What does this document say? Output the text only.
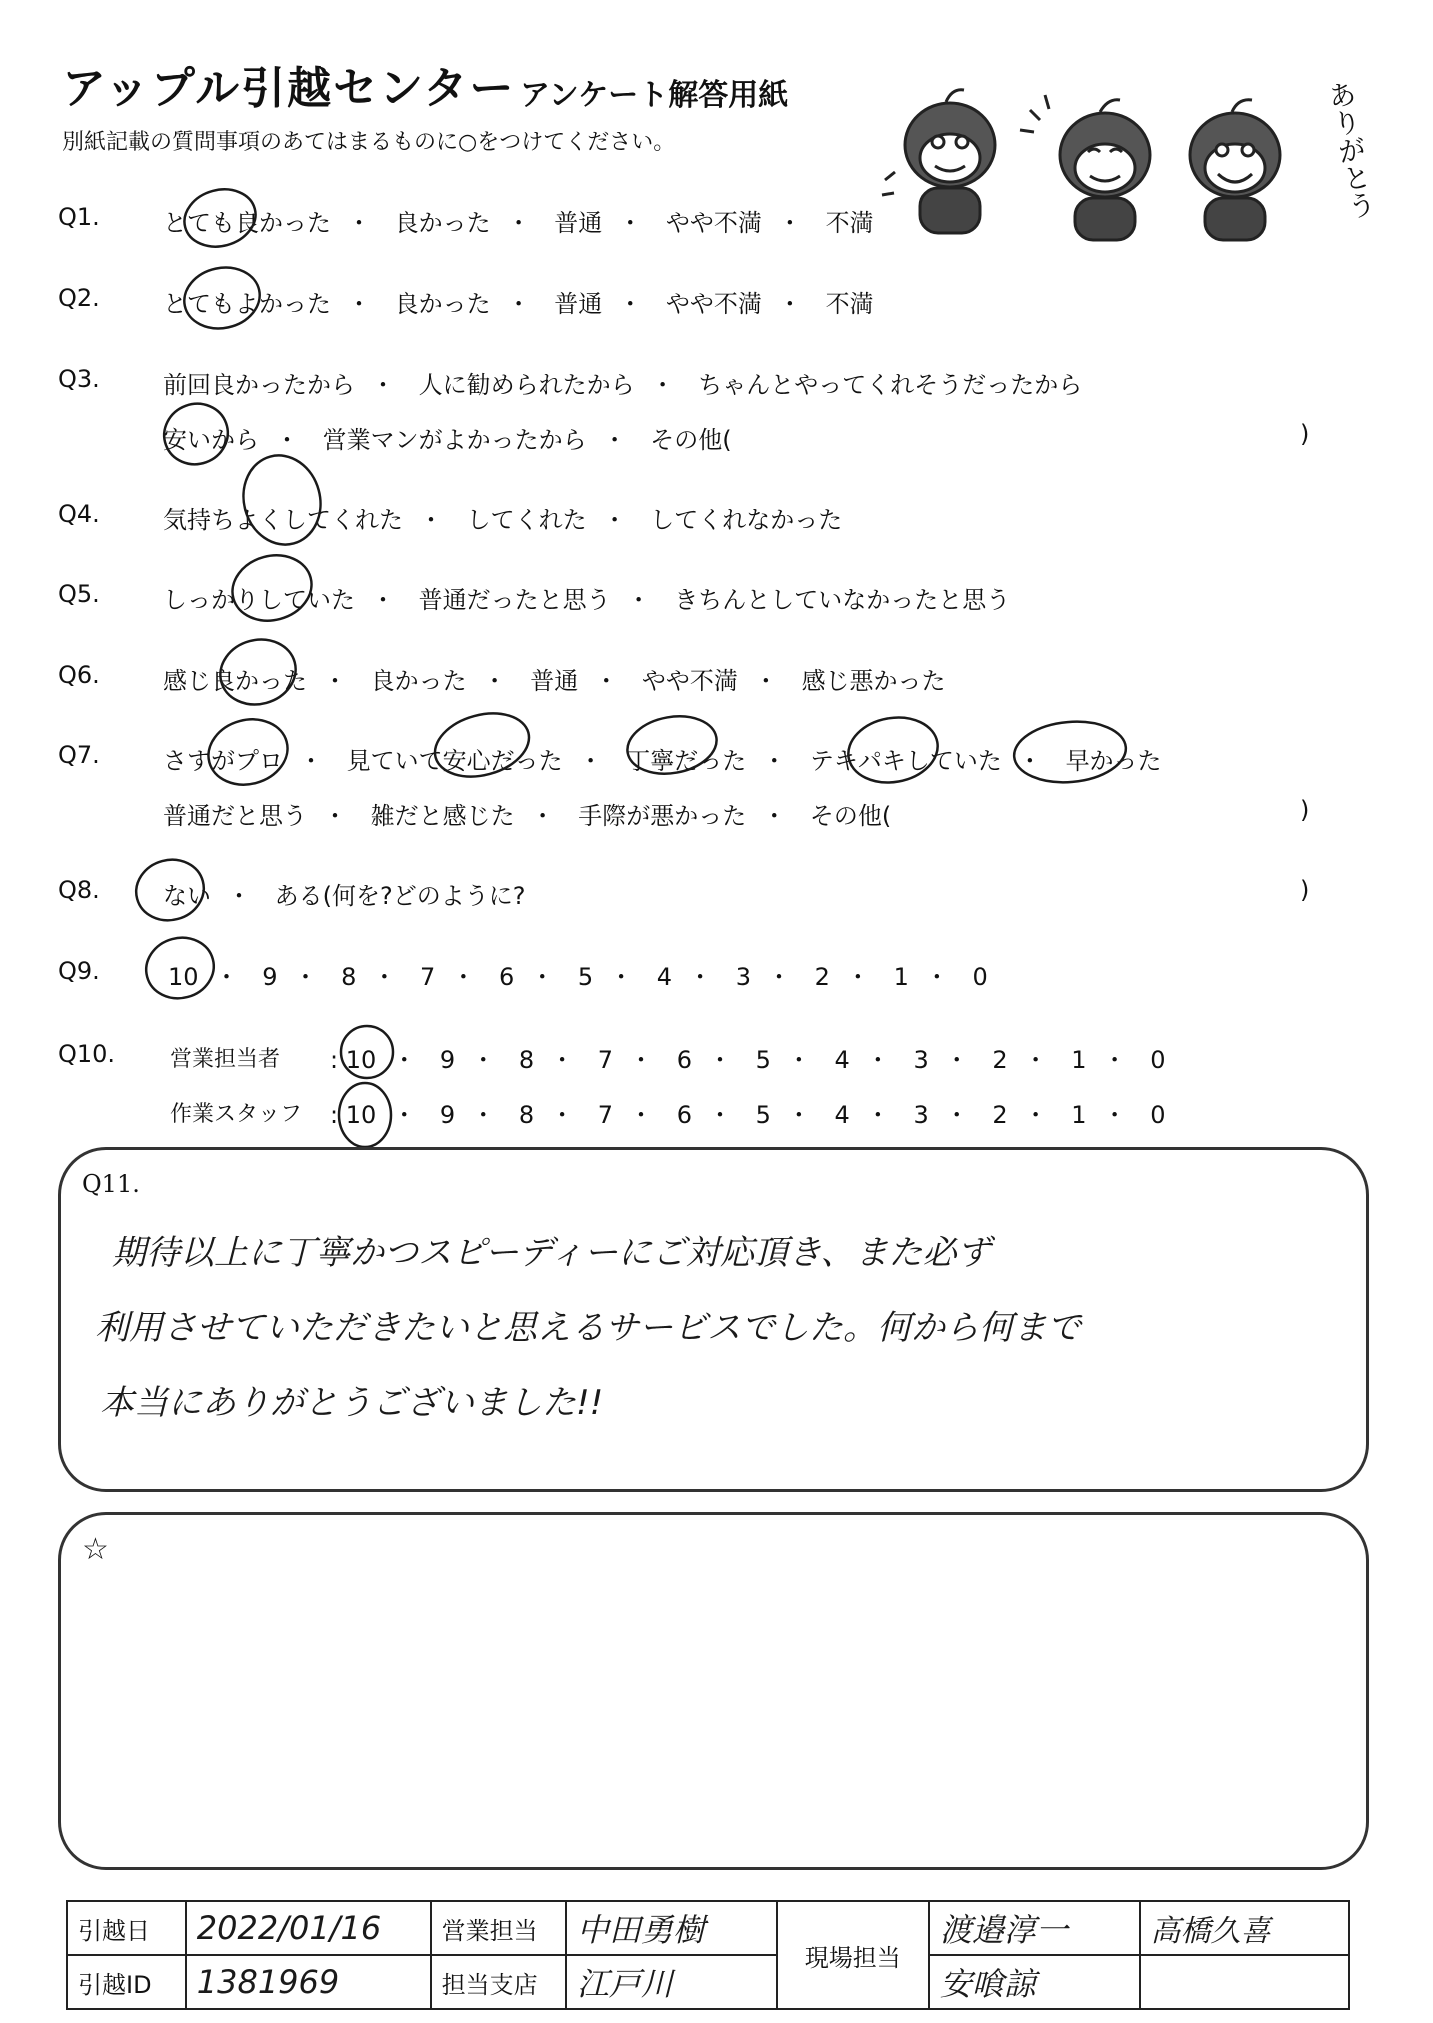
アップル引越センター アンケート解答用紙
別紙記載の質問事項のあてはまるものに○をつけてください。	ありがとう
Q1.	とても良かった ・ 良かった ・ 普通 ・ やや不満 ・ 不満
Q2.	とてもよかった ・ 良かった ・ 普通 ・ やや不満 ・ 不満
Q3.	前回良かったから ・ 人に勧められたから ・ ちゃんとやってくれそうだったから
安いから ・ 営業マンがよかったから ・ その他(	)
Q4.	気持ちよくしてくれた ・ してくれた ・ してくれなかった
Q5.	しっかりしていた ・ 普通だったと思う ・ きちんとしていなかったと思う
Q6.	感じ良かった ・ 良かった ・ 普通 ・ やや不満 ・ 感じ悪かった
Q7.	さすがプロ ・ 見ていて安心だった ・ 丁寧だった ・ テキパキしていた ・ 早かった
普通だと思う ・ 雑だと感じた ・ 手際が悪かった ・ その他(	)
Q8.	ない ・ ある(何を?どのように?	)
Q9.	10 ・ 9 ・ 8 ・ 7 ・ 6 ・ 5 ・ 4 ・ 3 ・ 2 ・ 1 ・ 0
Q10. 営業担当者 : 10 ・ 9 ・ 8 ・ 7 ・ 6 ・ 5 ・ 4 ・ 3 ・ 2 ・ 1 ・ 0
作業スタッフ : 10 ・ 9 ・ 8 ・ 7 ・ 6 ・ 5 ・ 4 ・ 3 ・ 2 ・ 1 ・ 0
Q11.
期待以上に丁寧かつスピーディーにご対応頂き、また必ず
利用させていただきたいと思えるサービスでした。何から何まで
本当にありがとうございました!!
☆
引越日	2022/01/16	営業担当	中田勇樹	現場担当	渡邉淳一	高橋久喜
引越ID	1381969	担当支店	江戸川		安喰諒	
